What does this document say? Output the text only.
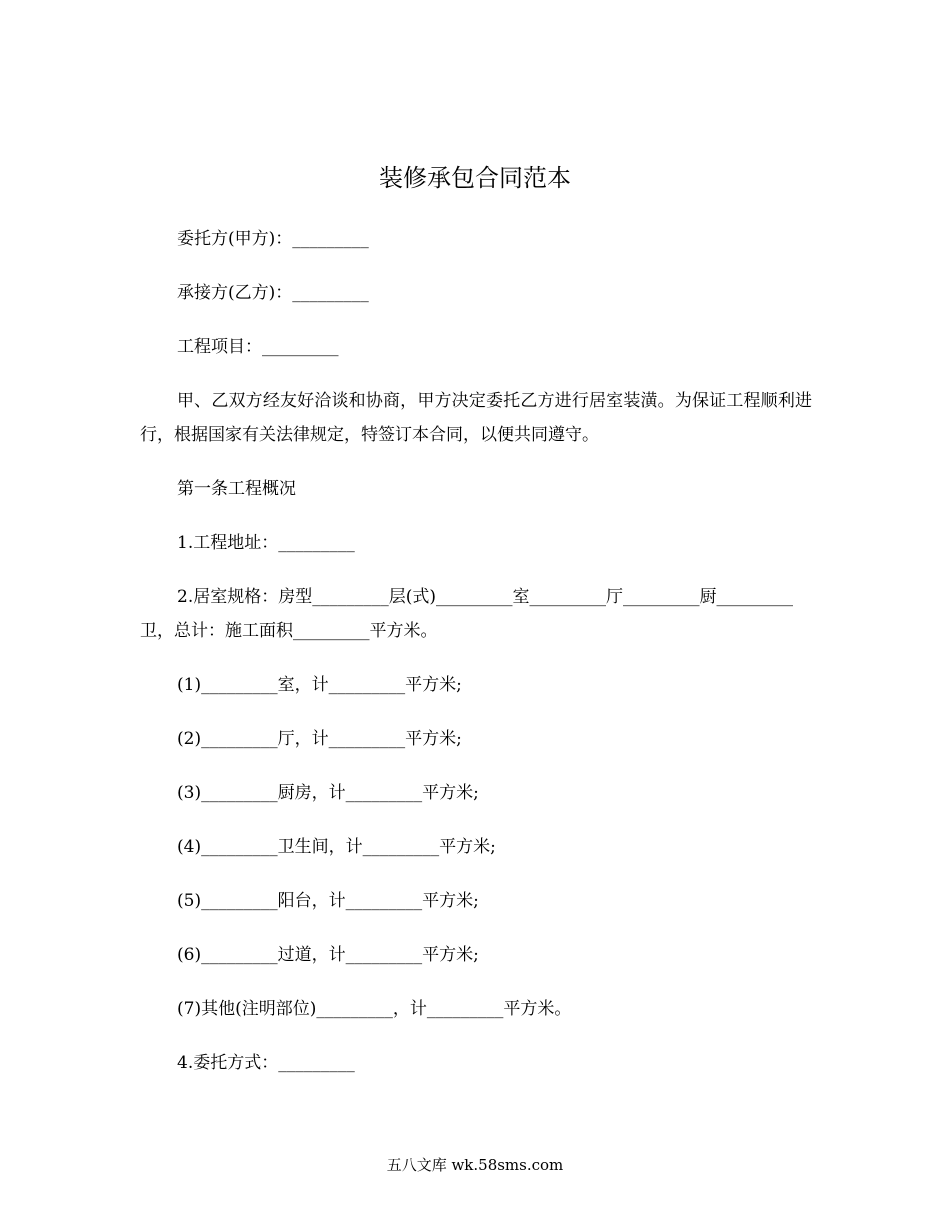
装修承包合同范本

委托方(甲方)：_________

承接方(乙方)：_________

工程项目：_________

甲、乙双方经友好洽谈和协商，甲方决定委托乙方进行居室装潢。为保证工程顺利进行，根据国家有关法律规定，特签订本合同，以便共同遵守。

第一条工程概况

1.工程地址：_________

2.居室规格：房型_________层(式)_________室_________厅_________厨_________卫，总计：施工面积_________平方米。

(1)_________室，计_________平方米;

(2)_________厅，计_________平方米;

(3)_________厨房，计_________平方米;

(4)_________卫生间，计_________平方米;

(5)_________阳台，计_________平方米;

(6)_________过道，计_________平方米;

(7)其他(注明部位)_________，计_________平方米。

4.委托方式：_________

五八文库 wk.58sms.com
